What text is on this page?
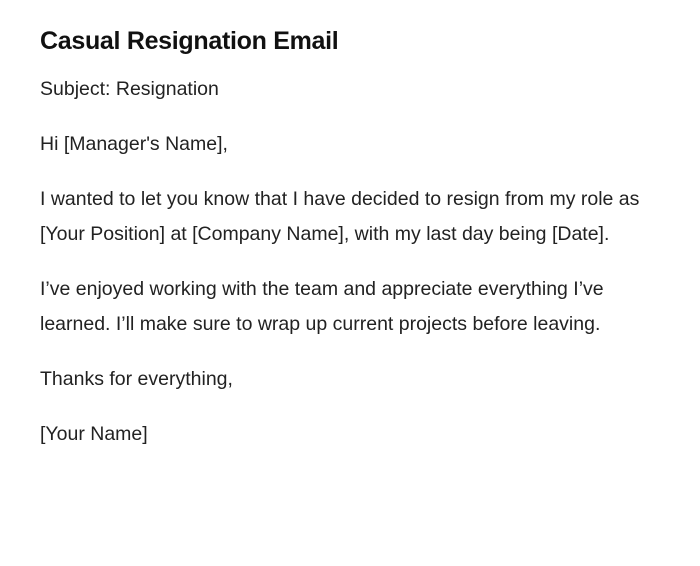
Casual Resignation Email

Subject: Resignation

Hi [Manager's Name],

I wanted to let you know that I have decided to resign from my role as [Your Position] at [Company Name], with my last day being [Date].

I’ve enjoyed working with the team and appreciate everything I’ve learned. I’ll make sure to wrap up current projects before leaving.

Thanks for everything,

[Your Name]
